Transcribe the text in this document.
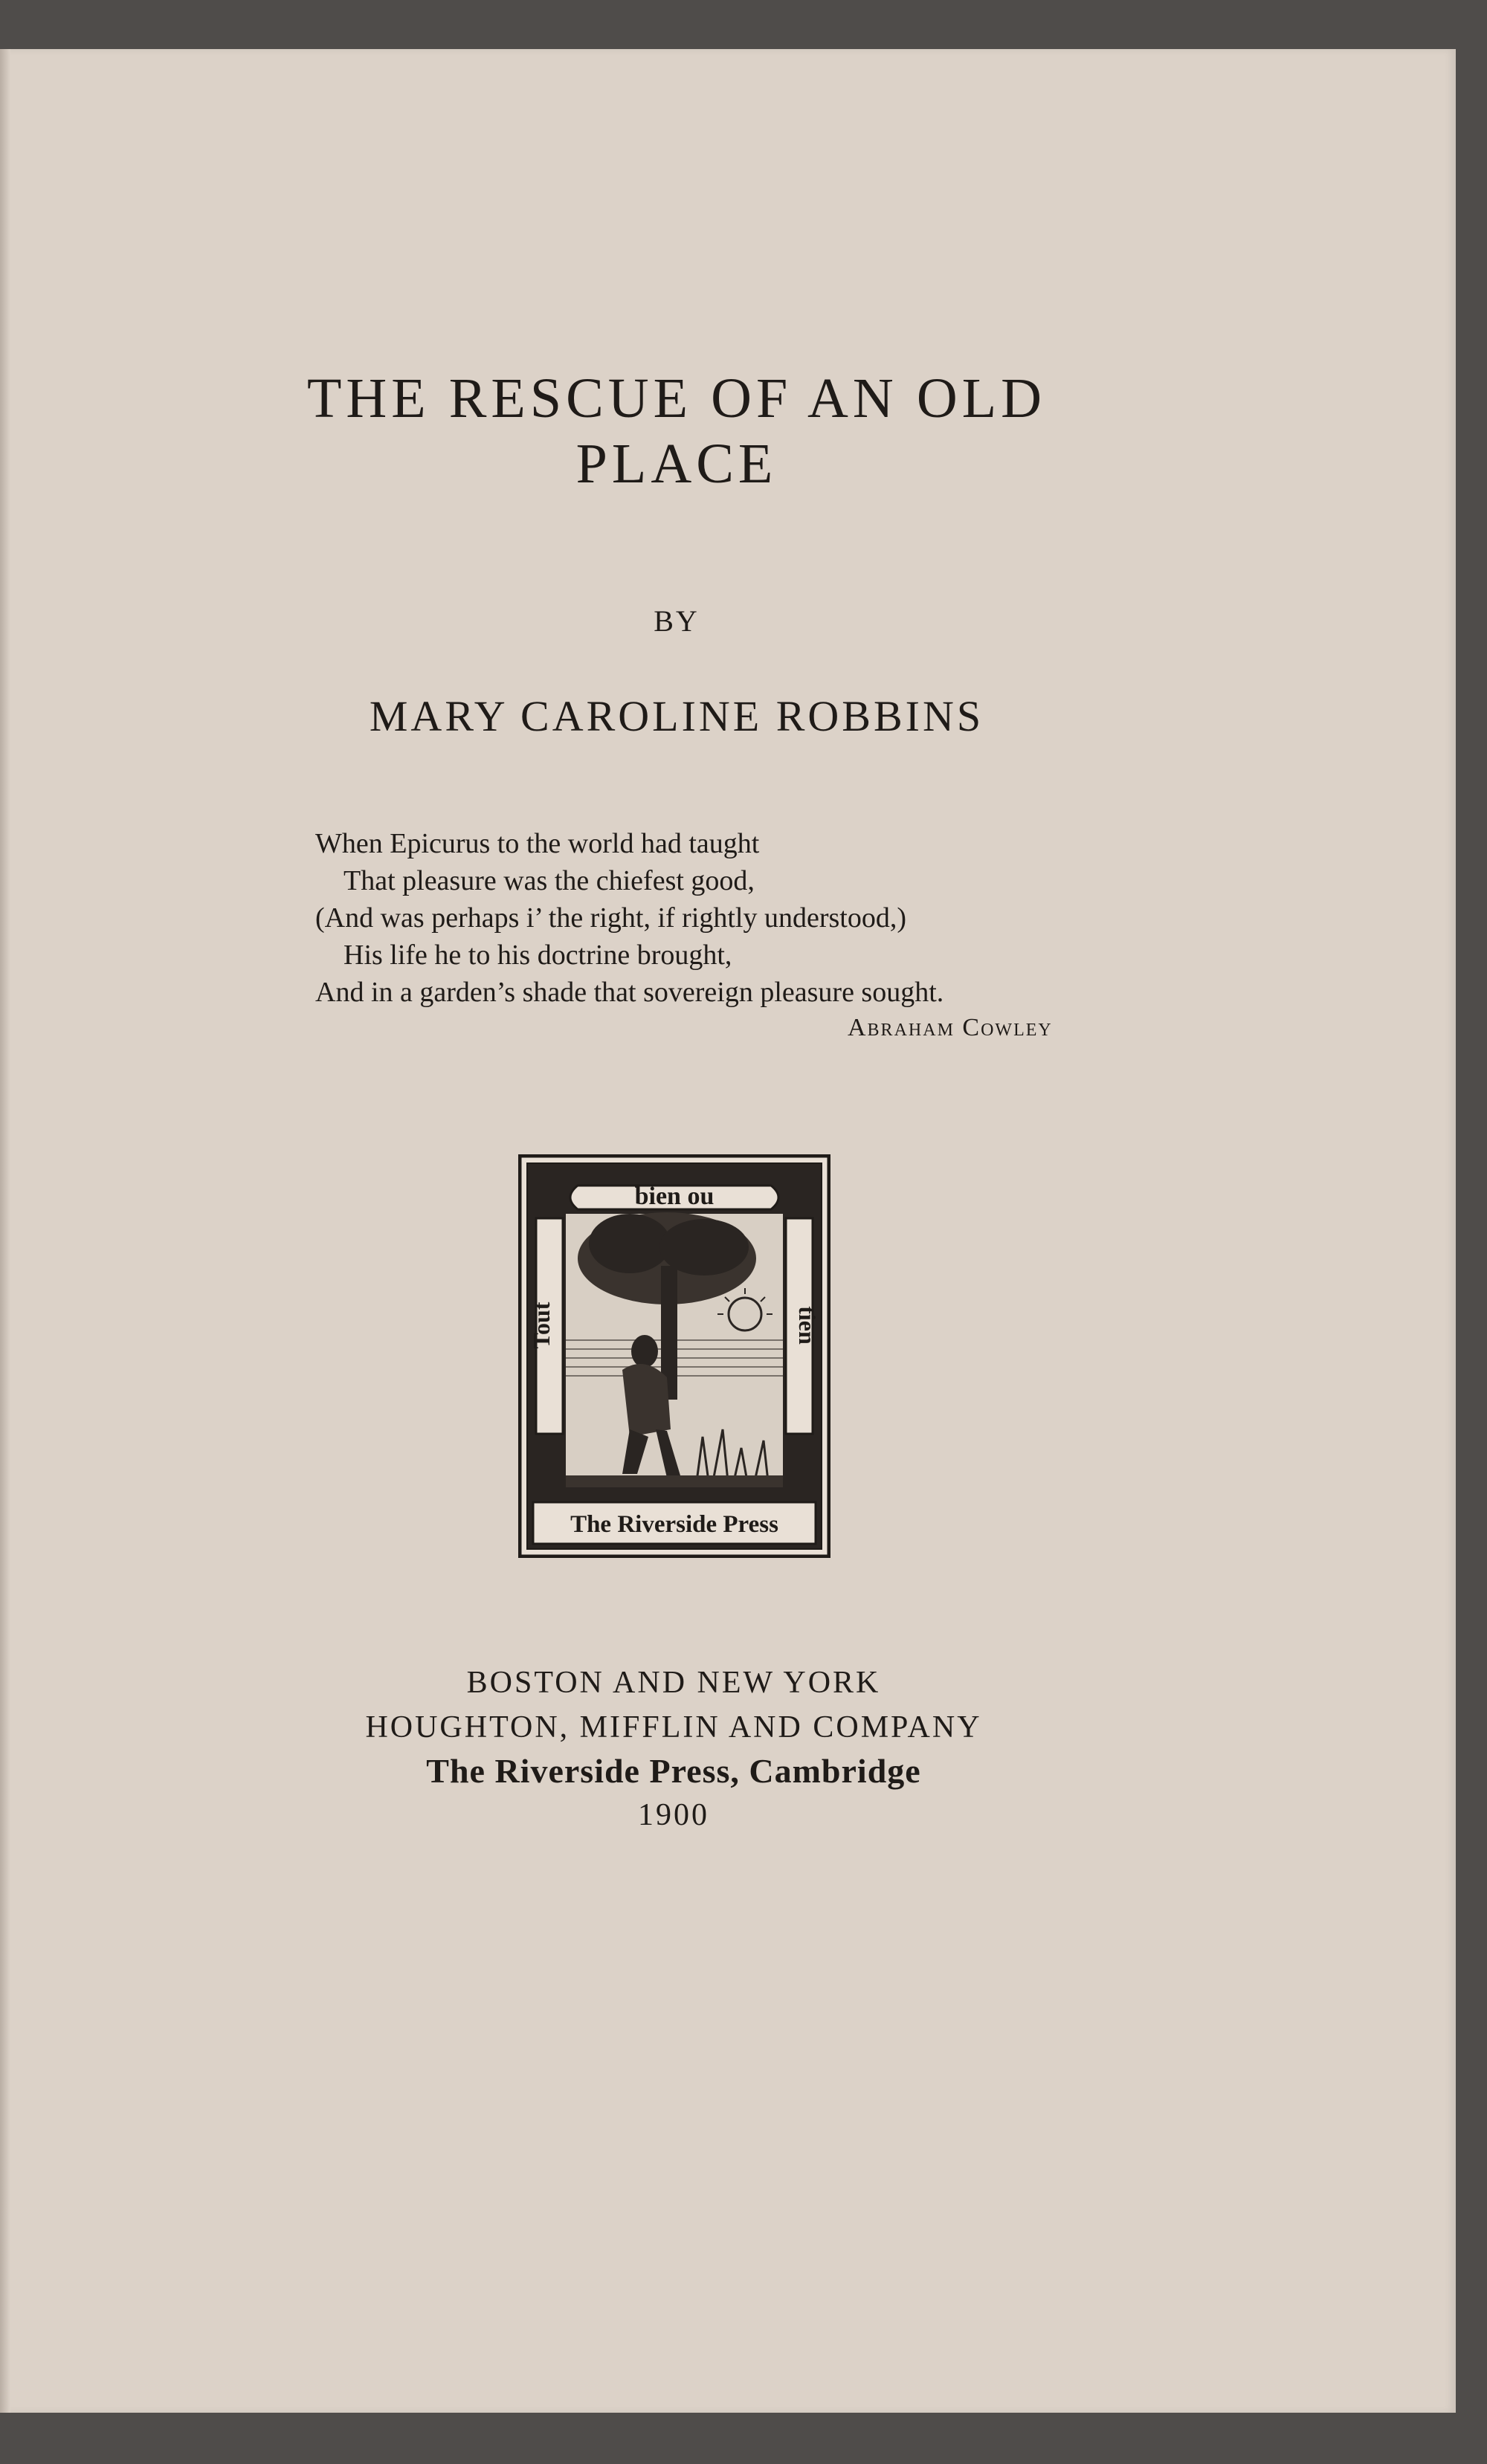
THE RESCUE OF AN OLD
PLACE
BY
MARY CAROLINE ROBBINS
When Epicurus to the world had taught
That pleasure was the chiefest good,
(And was perhaps i’ the right, if rightly understood,)
His life he to his doctrine brought,
And in a garden’s shade that sovereign pleasure sought.
Abraham Cowley
bien ou
Tout	tien
The Riverside Press
BOSTON AND NEW YORK
HOUGHTON, MIFFLIN AND COMPANY
The Riverside Press, Cambridge
1900
